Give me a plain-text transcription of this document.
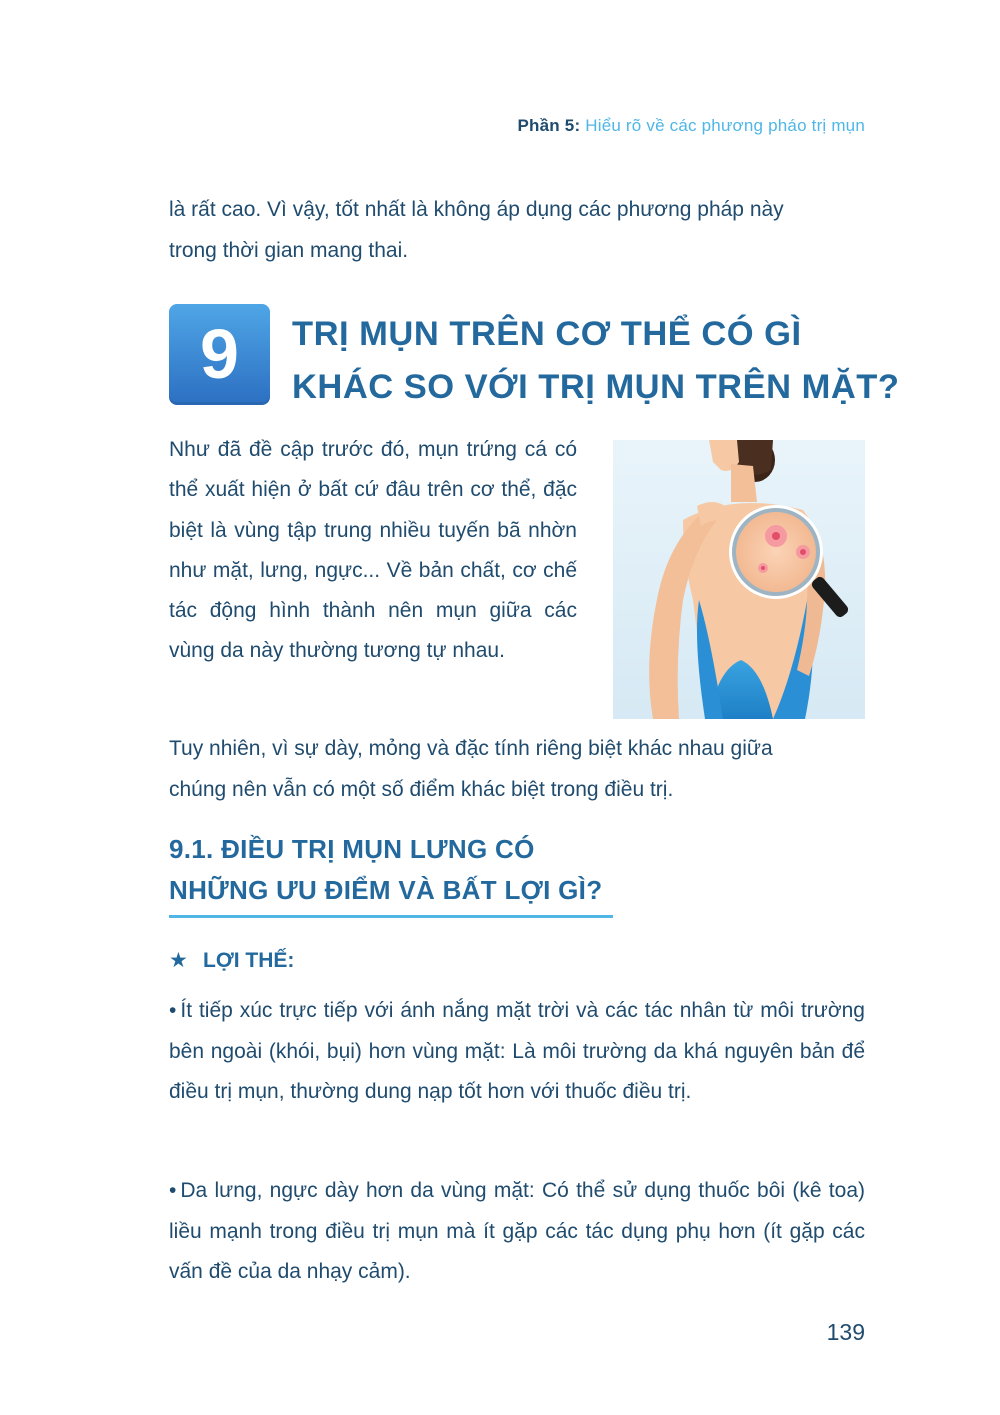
Phần 5: Hiểu rõ về các phương pháo trị mụn
là rất cao. Vì vậy, tốt nhất là không áp dụng các phương pháp này
trong thời gian mang thai.
9	TRỊ MỤN TRÊN CƠ THỂ CÓ GÌ
KHÁC SO VỚI TRỊ MỤN TRÊN MẶT?
Như đã đề cập trước đó, mụn trứng cá có thể xuất hiện ở bất cứ đâu trên cơ thể, đặc biệt là vùng tập trung nhiều tuyến bã nhờn như mặt, lưng, ngực... Về bản chất, cơ chế tác động hình thành nên mụn giữa các vùng da này thường tương tự nhau.
Tuy nhiên, vì sự dày, mỏng và đặc tính riêng biệt khác nhau giữa
chúng nên vẫn có một số điểm khác biệt trong điều trị.
9.1. ĐIỀU TRỊ MỤN LƯNG CÓ
NHỮNG ƯU ĐIỂM VÀ BẤT LỢI GÌ?
★ LỢI THẾ:
• Ít tiếp xúc trực tiếp với ánh nắng mặt trời và các tác nhân từ môi trường bên ngoài (khói, bụi) hơn vùng mặt: Là môi trường da khá nguyên bản để điều trị mụn, thường dung nạp tốt hơn với thuốc điều trị.
• Da lưng, ngực dày hơn da vùng mặt: Có thể sử dụng thuốc bôi (kê toa) liều mạnh trong điều trị mụn mà ít gặp các tác dụng phụ hơn (ít gặp các vấn đề của da nhạy cảm).
139
